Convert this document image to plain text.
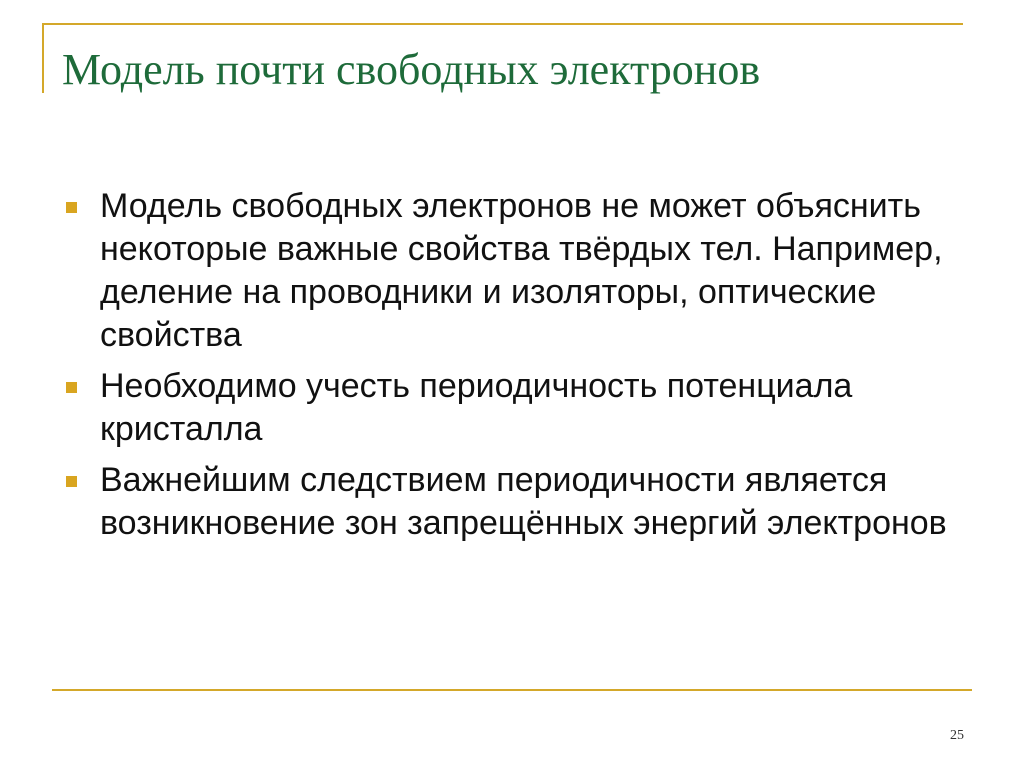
Модель почти свободных электронов
Модель свободных электронов не может объяснить некоторые важные свойства твёрдых тел. Например, деление на проводники и изоляторы, оптические свойства
Необходимо учесть периодичность потенциала кристалла
Важнейшим следствием периодичности является возникновение зон запрещённых энергий электронов
25
